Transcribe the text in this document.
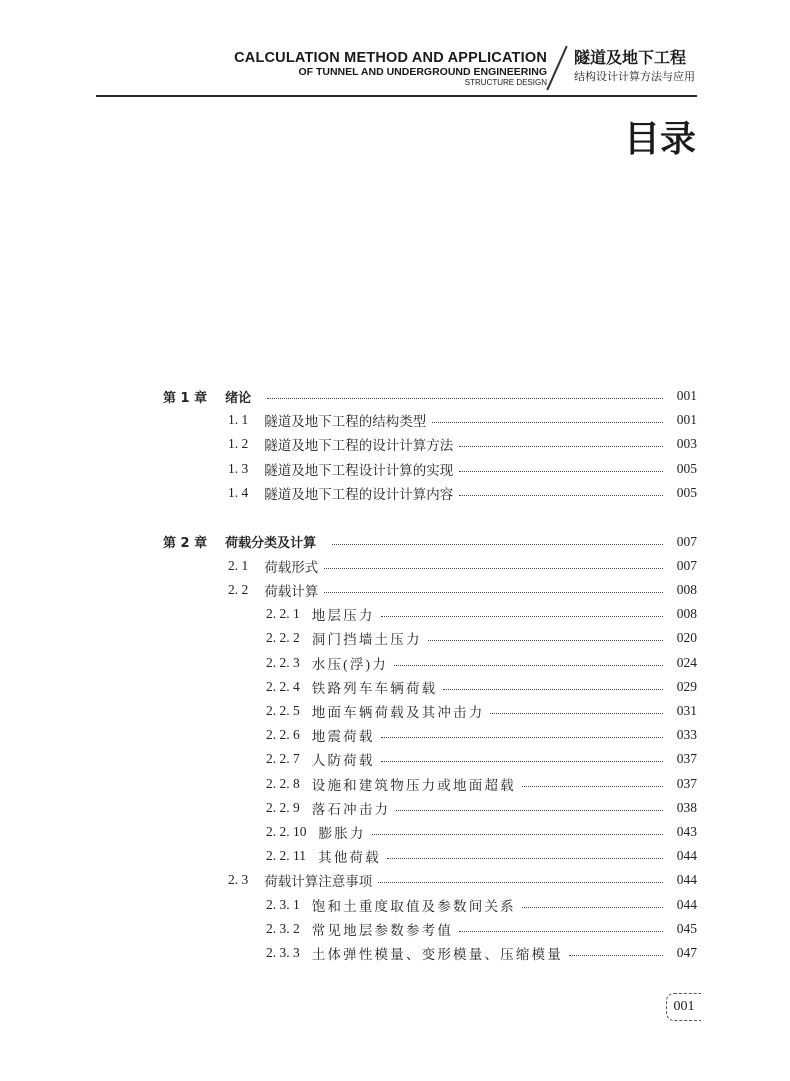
CALCULATION METHOD AND APPLICATION
OF TUNNEL AND UNDERGROUND ENGINEERING
STRUCTURE DESIGN
隧道及地下工程
结构设计计算方法与应用
目录
第 1 章 绪论	001
1. 1 隧道及地下工程的结构类型	001
1. 2 隧道及地下工程的设计计算方法	003
1. 3 隧道及地下工程设计计算的实现	005
1. 4 隧道及地下工程的设计计算内容	005
第 2 章 荷载分类及计算	007
2. 1 荷载形式	007
2. 2 荷载计算	008
2. 2. 1 地层压力	008
2. 2. 2 洞门挡墙土压力	020
2. 2. 3 水压(浮)力	024
2. 2. 4 铁路列车车辆荷载	029
2. 2. 5 地面车辆荷载及其冲击力	031
2. 2. 6 地震荷载	033
2. 2. 7 人防荷载	037
2. 2. 8 设施和建筑物压力或地面超载	037
2. 2. 9 落石冲击力	038
2. 2. 10 膨胀力	043
2. 2. 11 其他荷载	044
2. 3 荷载计算注意事项	044
2. 3. 1 饱和土重度取值及参数间关系	044
2. 3. 2 常见地层参数参考值	045
2. 3. 3 土体弹性模量、变形模量、压缩模量	047
001
